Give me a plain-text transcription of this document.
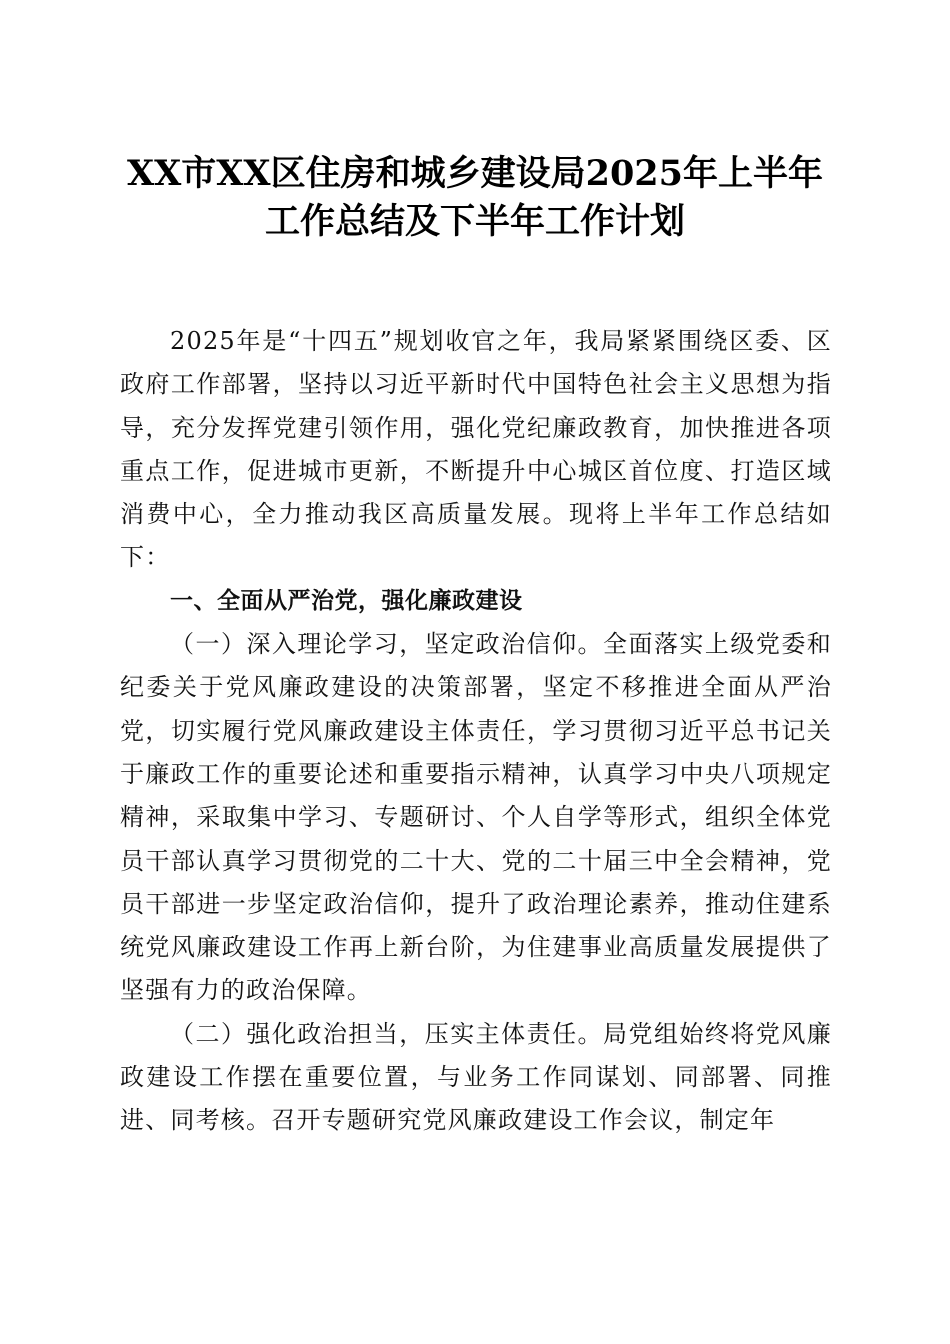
XX市XX区住房和城乡建设局2025年上半年
工作总结及下半年工作计划

2025年是“十四五”规划收官之年，我局紧紧围绕区委、区政府工作部署，坚持以习近平新时代中国特色社会主义思想为指导，充分发挥党建引领作用，强化党纪廉政教育，加快推进各项重点工作，促进城市更新，不断提升中心城区首位度、打造区域消费中心，全力推动我区高质量发展。现将上半年工作总结如下：

一、全面从严治党，强化廉政建设

（一）深入理论学习，坚定政治信仰。全面落实上级党委和纪委关于党风廉政建设的决策部署，坚定不移推进全面从严治党，切实履行党风廉政建设主体责任，学习贯彻习近平总书记关于廉政工作的重要论述和重要指示精神，认真学习中央八项规定精神，采取集中学习、专题研讨、个人自学等形式，组织全体党员干部认真学习贯彻党的二十大、党的二十届三中全会精神，党员干部进一步坚定政治信仰，提升了政治理论素养，推动住建系统党风廉政建设工作再上新台阶，为住建事业高质量发展提供了坚强有力的政治保障。

（二）强化政治担当，压实主体责任。局党组始终将党风廉政建设工作摆在重要位置，与业务工作同谋划、同部署、同推进、同考核。召开专题研究党风廉政建设工作会议，制定年
